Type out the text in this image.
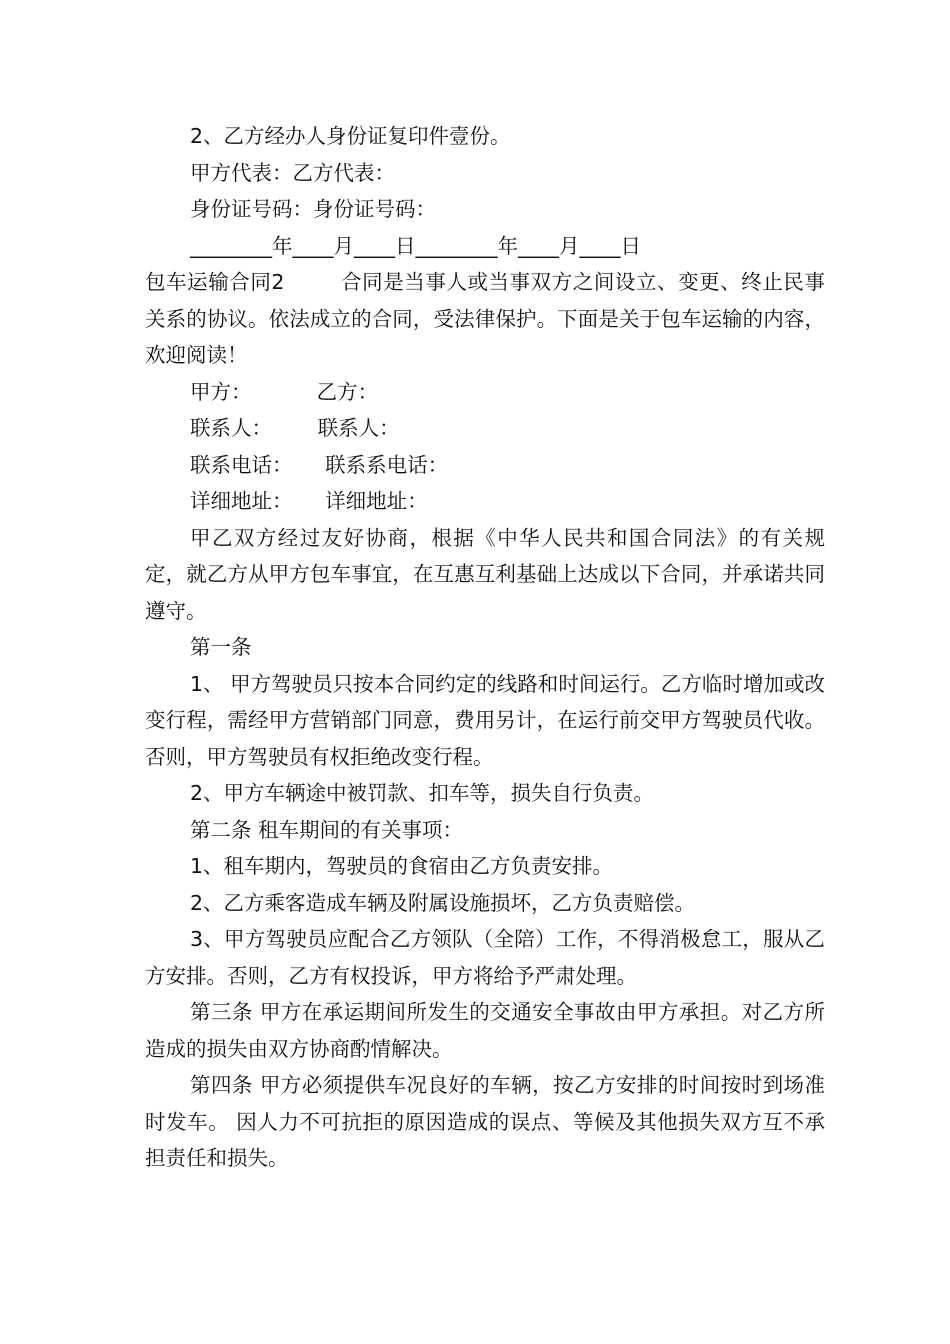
2、乙方经办人身份证复印件壹份。

甲方代表：乙方代表：

身份证号码：身份证号码：

________年____月____日________年____月____日

包车运输合同2        合同是当事人或当事双方之间设立、变更、终止民事关系的协议。依法成立的合同，受法律保护。下面是关于包车运输的内容，欢迎阅读！

甲方：          乙方：

联系人：       联系人：

联系电话：     联系系电话：

详细地址：     详细地址：

甲乙双方经过友好协商，根据《中华人民共和国合同法》的有关规定，就乙方从甲方包车事宜，在互惠互利基础上达成以下合同，并承诺共同遵守。

第一条

1、 甲方驾驶员只按本合同约定的线路和时间运行。乙方临时增加或改变行程，需经甲方营销部门同意，费用另计，在运行前交甲方驾驶员代收。否则，甲方驾驶员有权拒绝改变行程。

2、甲方车辆途中被罚款、扣车等，损失自行负责。

第二条 租车期间的有关事项：

1、租车期内，驾驶员的食宿由乙方负责安排。

2、乙方乘客造成车辆及附属设施损坏，乙方负责赔偿。

3、甲方驾驶员应配合乙方领队（全陪）工作，不得消极怠工，服从乙方安排。否则，乙方有权投诉，甲方将给予严肃处理。

第三条 甲方在承运期间所发生的交通安全事故由甲方承担。对乙方所造成的损失由双方协商酌情解决。

第四条 甲方必须提供车况良好的车辆，按乙方安排的时间按时到场准时发车。 因人力不可抗拒的原因造成的误点、等候及其他损失双方互不承担责任和损失。
